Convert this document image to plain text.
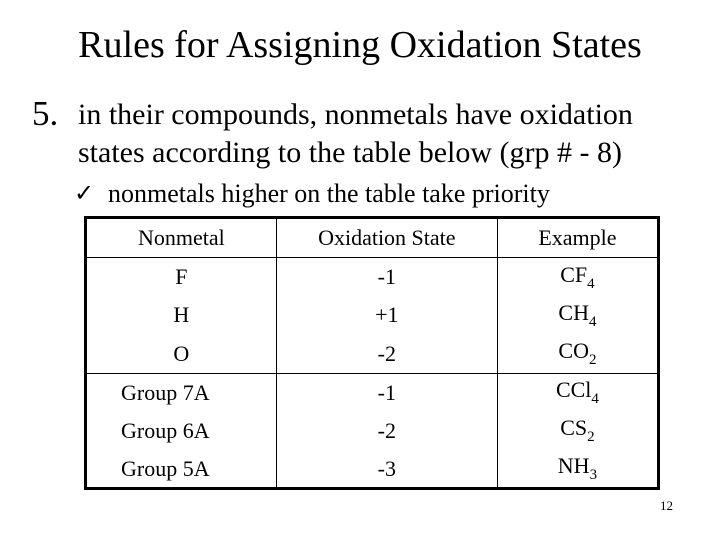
Rules for Assigning Oxidation States
5. in their compounds, nonmetals have oxidation
states according to the table below (grp # - 8)
✓ nonmetals higher on the table take priority
Nonmetal	Oxidation State	Example
F	-1	$CF_4$
H	+1	$CH_4$
O	-2	$CO_2$
Group 7A	-1	CCl$_4$
Group 6A	-2	$CS_2$
Group 5A	-3	$NH_3$
12
